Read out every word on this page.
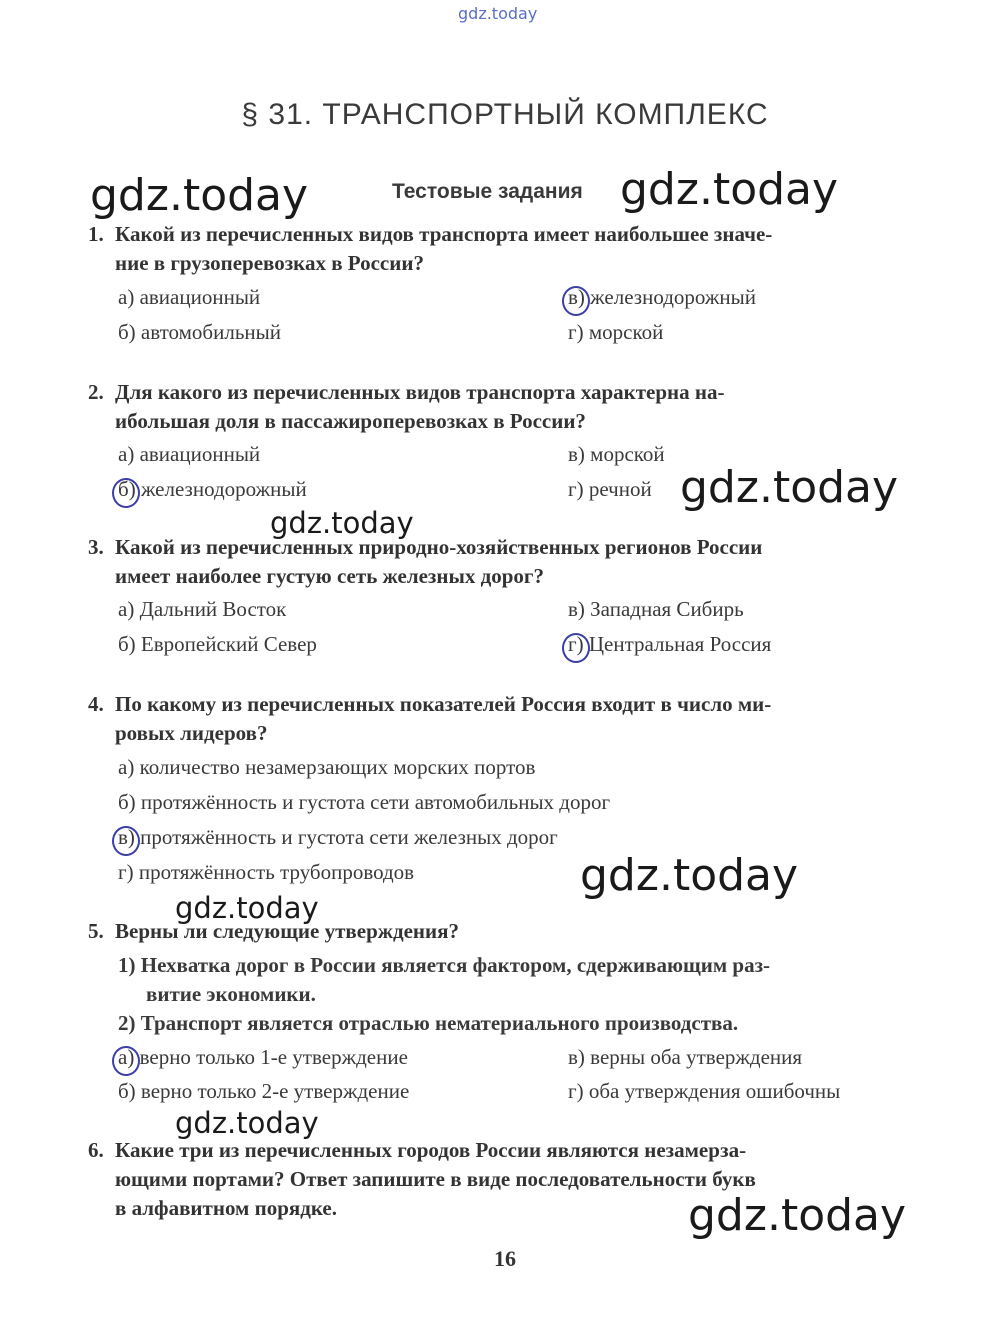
gdz.today
§ 31. ТРАНСПОРТНЫЙ КОМПЛЕКС
Тестовые задания
gdz.today	gdz.today
gdz.today
gdz.today
gdz.today
gdz.today
gdz.today
gdz.today
1. Какой из перечисленных видов транспорта имеет наибольшее значе-
ние в грузоперевозках в России?
а) авиационный
б) автомобильный
в) железнодорожный
г) морской
2. Для какого из перечисленных видов транспорта характерна на-
ибольшая доля в пассажироперевозках в России?
а) авиационный
б) железнодорожный
в) морской
г) речной
3. Какой из перечисленных природно-хозяйственных регионов России
имеет наиболее густую сеть железных дорог?
а) Дальний Восток
б) Европейский Север
в) Западная Сибирь
г) Центральная Россия
4. По какому из перечисленных показателей Россия входит в число ми-
ровых лидеров?
а) количество незамерзающих морских портов
б) протяжённость и густота сети автомобильных дорог
в) протяжённость и густота сети железных дорог
г) протяжённость трубопроводов
5. Верны ли следующие утверждения?
1) Нехватка дорог в России является фактором, сдерживающим раз-
витие экономики.
2) Транспорт является отраслью нематериального производства.
а) верно только 1-е утверждение
б) верно только 2-е утверждение
в) верны оба утверждения
г) оба утверждения ошибочны
6. Какие три из перечисленных городов России являются незамерза-
ющими портами? Ответ запишите в виде последовательности букв
в алфавитном порядке.
16
